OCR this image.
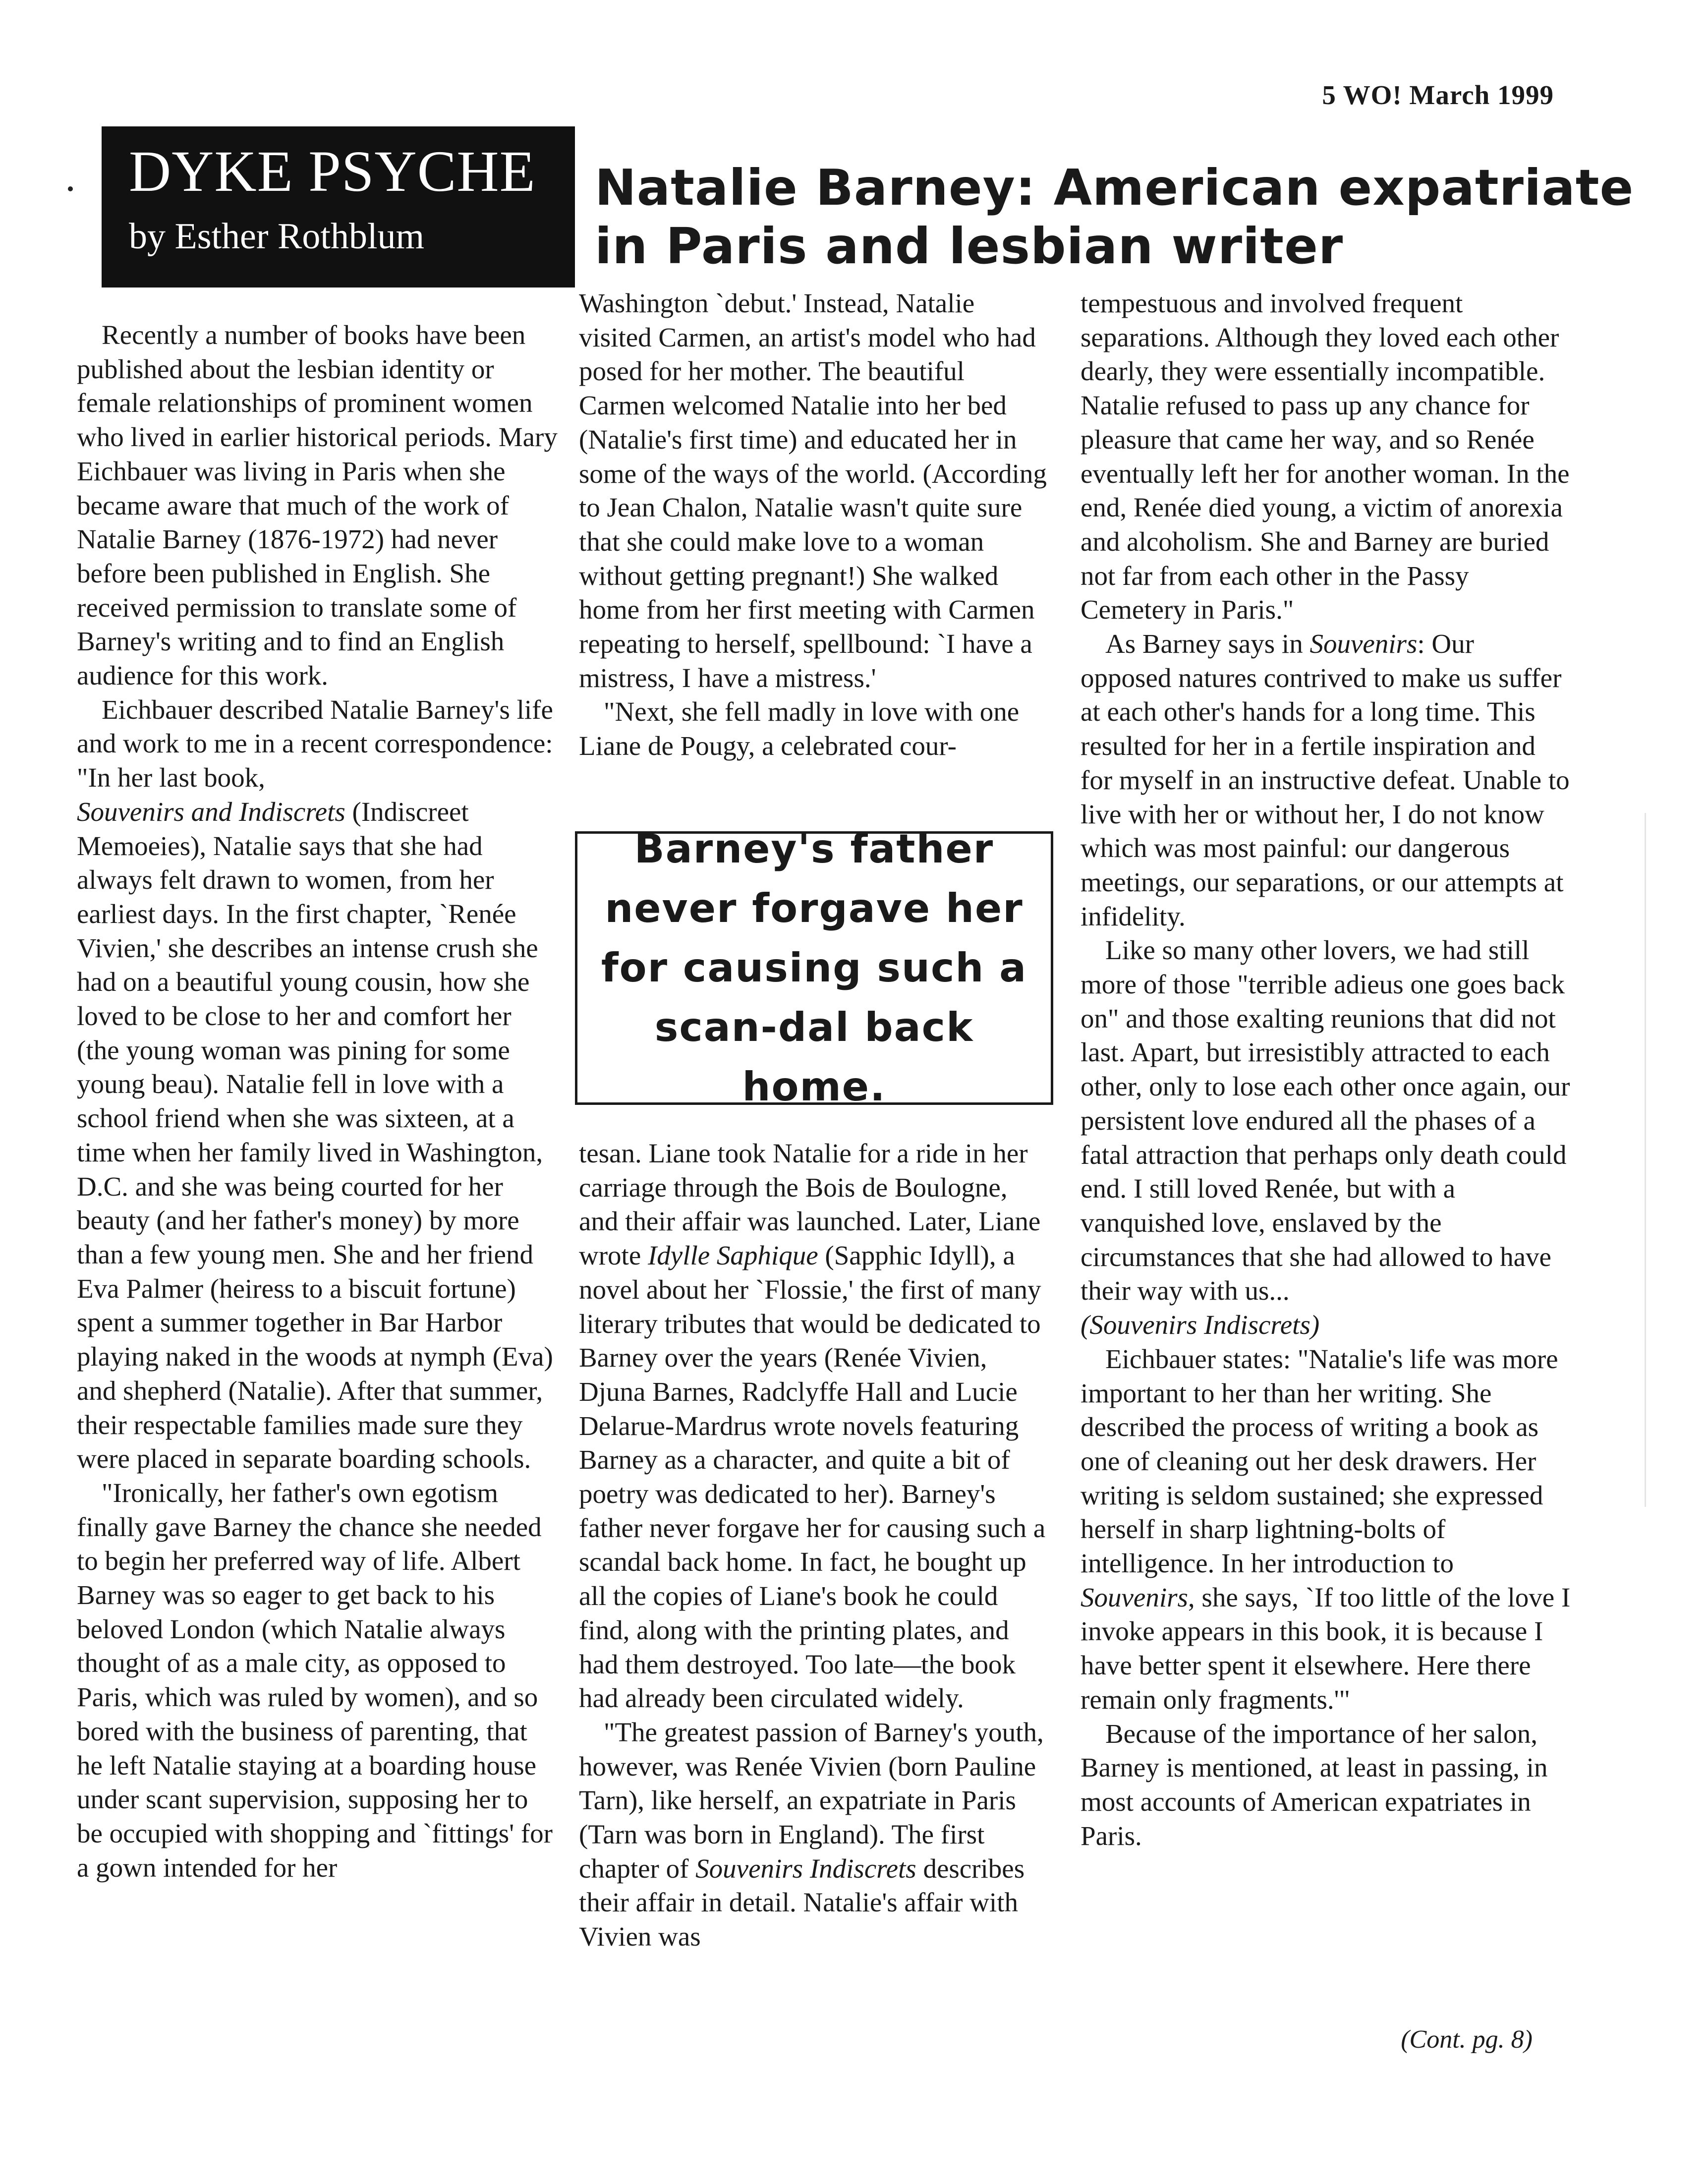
5 WO! March 1999
DYKE PSYCHE
by Esther Rothblum
Natalie Barney: American expatriate
in Paris and lesbian writer

Recently a number of books have been published about the lesbian identity or female relationships of prominent women who lived in earlier historical periods. Mary Eichbauer was living in Paris when she became aware that much of the work of Natalie Barney (1876-1972) had never before been published in English. She received permission to translate some of Barney's writing and to find an English audience for this work.

Eichbauer described Natalie Barney's life and work to me in a recent correspondence: "In her last book,
Souvenirs and Indiscrets (Indiscreet Memoeies), Natalie says that she had always felt drawn to women, from her earliest days. In the first chapter, `Renée Vivien,' she describes an intense crush she had on a beautiful young cousin, how she loved to be close to her and comfort her (the young woman was pining for some young beau). Natalie fell in love with a school friend when she was sixteen, at a time when her family lived in Washington, D.C. and she was being courted for her beauty (and her father's money) by more than a few young men. She and her friend Eva Palmer (heiress to a biscuit fortune) spent a summer together in Bar Harbor playing naked in the woods at nymph (Eva) and shepherd (Natalie). After that summer, their respectable families made sure they were placed in separate boarding schools.

"Ironically, her father's own egotism finally gave Barney the chance she needed to begin her preferred way of life. Albert Barney was so eager to get back to his beloved London (which Natalie always thought of as a male city, as opposed to Paris, which was ruled by women), and so bored with the business of parenting, that he left Natalie staying at a boarding house under scant supervision, supposing her to be occupied with shopping and `fittings' for a gown intended for her

Washington `debut.' Instead, Natalie visited Carmen, an artist's model who had posed for her mother. The beautiful Carmen welcomed Natalie into her bed (Natalie's first time) and educated her in some of the ways of the world. (According to Jean Chalon, Natalie wasn't quite sure that she could make love to a woman without getting pregnant!) She walked home from her first meeting with Carmen repeating to herself, spellbound: `I have a mistress, I have a mistress.'

"Next, she fell madly in love with one Liane de Pougy, a celebrated cour-

Barney's father never forgave her for causing such a scan-dal back home.

tesan. Liane took Natalie for a ride in her carriage through the Bois de Boulogne, and their affair was launched. Later, Liane wrote Idylle Saphique (Sapphic Idyll), a novel about her `Flossie,' the first of many literary tributes that would be dedicated to Barney over the years (Renée Vivien, Djuna Barnes, Radclyffe Hall and Lucie Delarue-Mardrus wrote novels featuring Barney as a character, and quite a bit of poetry was dedicated to her). Barney's father never forgave her for causing such a scandal back home. In fact, he bought up all the copies of Liane's book he could find, along with the printing plates, and had them destroyed. Too late—the book had already been circulated widely.

"The greatest passion of Barney's youth, however, was Renée Vivien (born Pauline Tarn), like herself, an expatriate in Paris (Tarn was born in England). The first chapter of Souvenirs Indiscrets describes their affair in detail. Natalie's affair with Vivien was

tempestuous and involved frequent separations. Although they loved each other dearly, they were essentially incompatible. Natalie refused to pass up any chance for pleasure that came her way, and so Renée eventually left her for another woman. In the end, Renée died young, a victim of anorexia and alcoholism. She and Barney are buried not far from each other in the Passy Cemetery in Paris."

As Barney says in Souvenirs: Our opposed natures contrived to make us suffer at each other's hands for a long time. This resulted for her in a fertile inspiration and for myself in an instructive defeat. Unable to live with her or without her, I do not know which was most painful: our dangerous meetings, our separations, or our attempts at infidelity.

Like so many other lovers, we had still more of those "terrible adieus one goes back on" and those exalting reunions that did not last. Apart, but irresistibly attracted to each other, only to lose each other once again, our persistent love endured all the phases of a fatal attraction that perhaps only death could end. I still loved Renée, but with a vanquished love, enslaved by the circumstances that she had allowed to have their way with us...
(Souvenirs Indiscrets)

Eichbauer states: "Natalie's life was more important to her than her writing. She described the process of writing a book as one of cleaning out her desk drawers. Her writing is seldom sustained; she expressed herself in sharp lightning-bolts of intelligence. In her introduction to Souvenirs, she says, `If too little of the love I invoke appears in this book, it is because I have better spent it elsewhere. Here there remain only fragments.'"

Because of the importance of her salon, Barney is mentioned, at least in passing, in most accounts of American expatriates in Paris.

(Cont. pg. 8)
